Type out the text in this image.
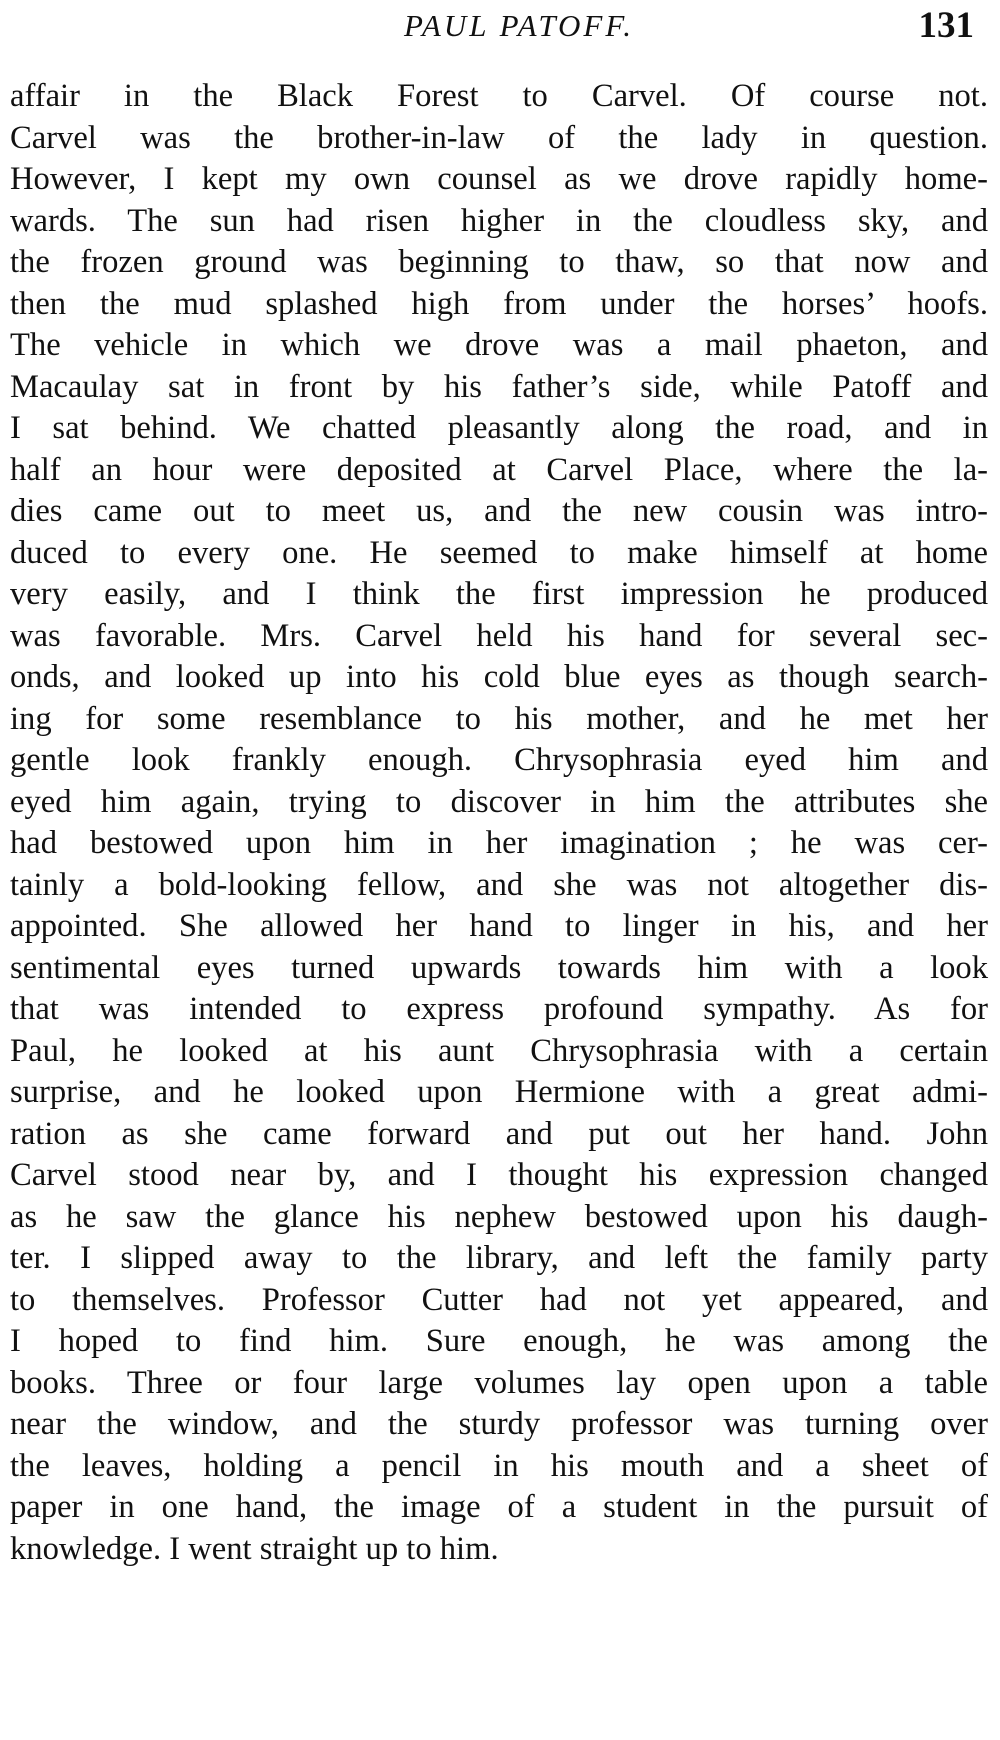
PAUL PATOFF.	131
affair in the Black Forest to Carvel. Of course not.
Carvel was the brother-in-law of the lady in question.
However, I kept my own counsel as we drove rapidly home-
wards. The sun had risen higher in the cloudless sky, and
the frozen ground was beginning to thaw, so that now and
then the mud splashed high from under the horses’ hoofs.
The vehicle in which we drove was a mail phaeton, and
Macaulay sat in front by his father’s side, while Patoff and
I sat behind. We chatted pleasantly along the road, and in
half an hour were deposited at Carvel Place, where the la-
dies came out to meet us, and the new cousin was intro-
duced to every one. He seemed to make himself at home
very easily, and I think the first impression he produced
was favorable. Mrs. Carvel held his hand for several sec-
onds, and looked up into his cold blue eyes as though search-
ing for some resemblance to his mother, and he met her
gentle look frankly enough. Chrysophrasia eyed him and
eyed him again, trying to discover in him the attributes she
had bestowed upon him in her imagination ; he was cer-
tainly a bold-looking fellow, and she was not altogether dis-
appointed. She allowed her hand to linger in his, and her
sentimental eyes turned upwards towards him with a look
that was intended to express profound sympathy. As for
Paul, he looked at his aunt Chrysophrasia with a certain
surprise, and he looked upon Hermione with a great admi-
ration as she came forward and put out her hand. John
Carvel stood near by, and I thought his expression changed
as he saw the glance his nephew bestowed upon his daugh-
ter. I slipped away to the library, and left the family party
to themselves. Professor Cutter had not yet appeared, and
I hoped to find him. Sure enough, he was among the
books. Three or four large volumes lay open upon a table
near the window, and the sturdy professor was turning over
the leaves, holding a pencil in his mouth and a sheet of
paper in one hand, the image of a student in the pursuit of
knowledge. I went straight up to him.
